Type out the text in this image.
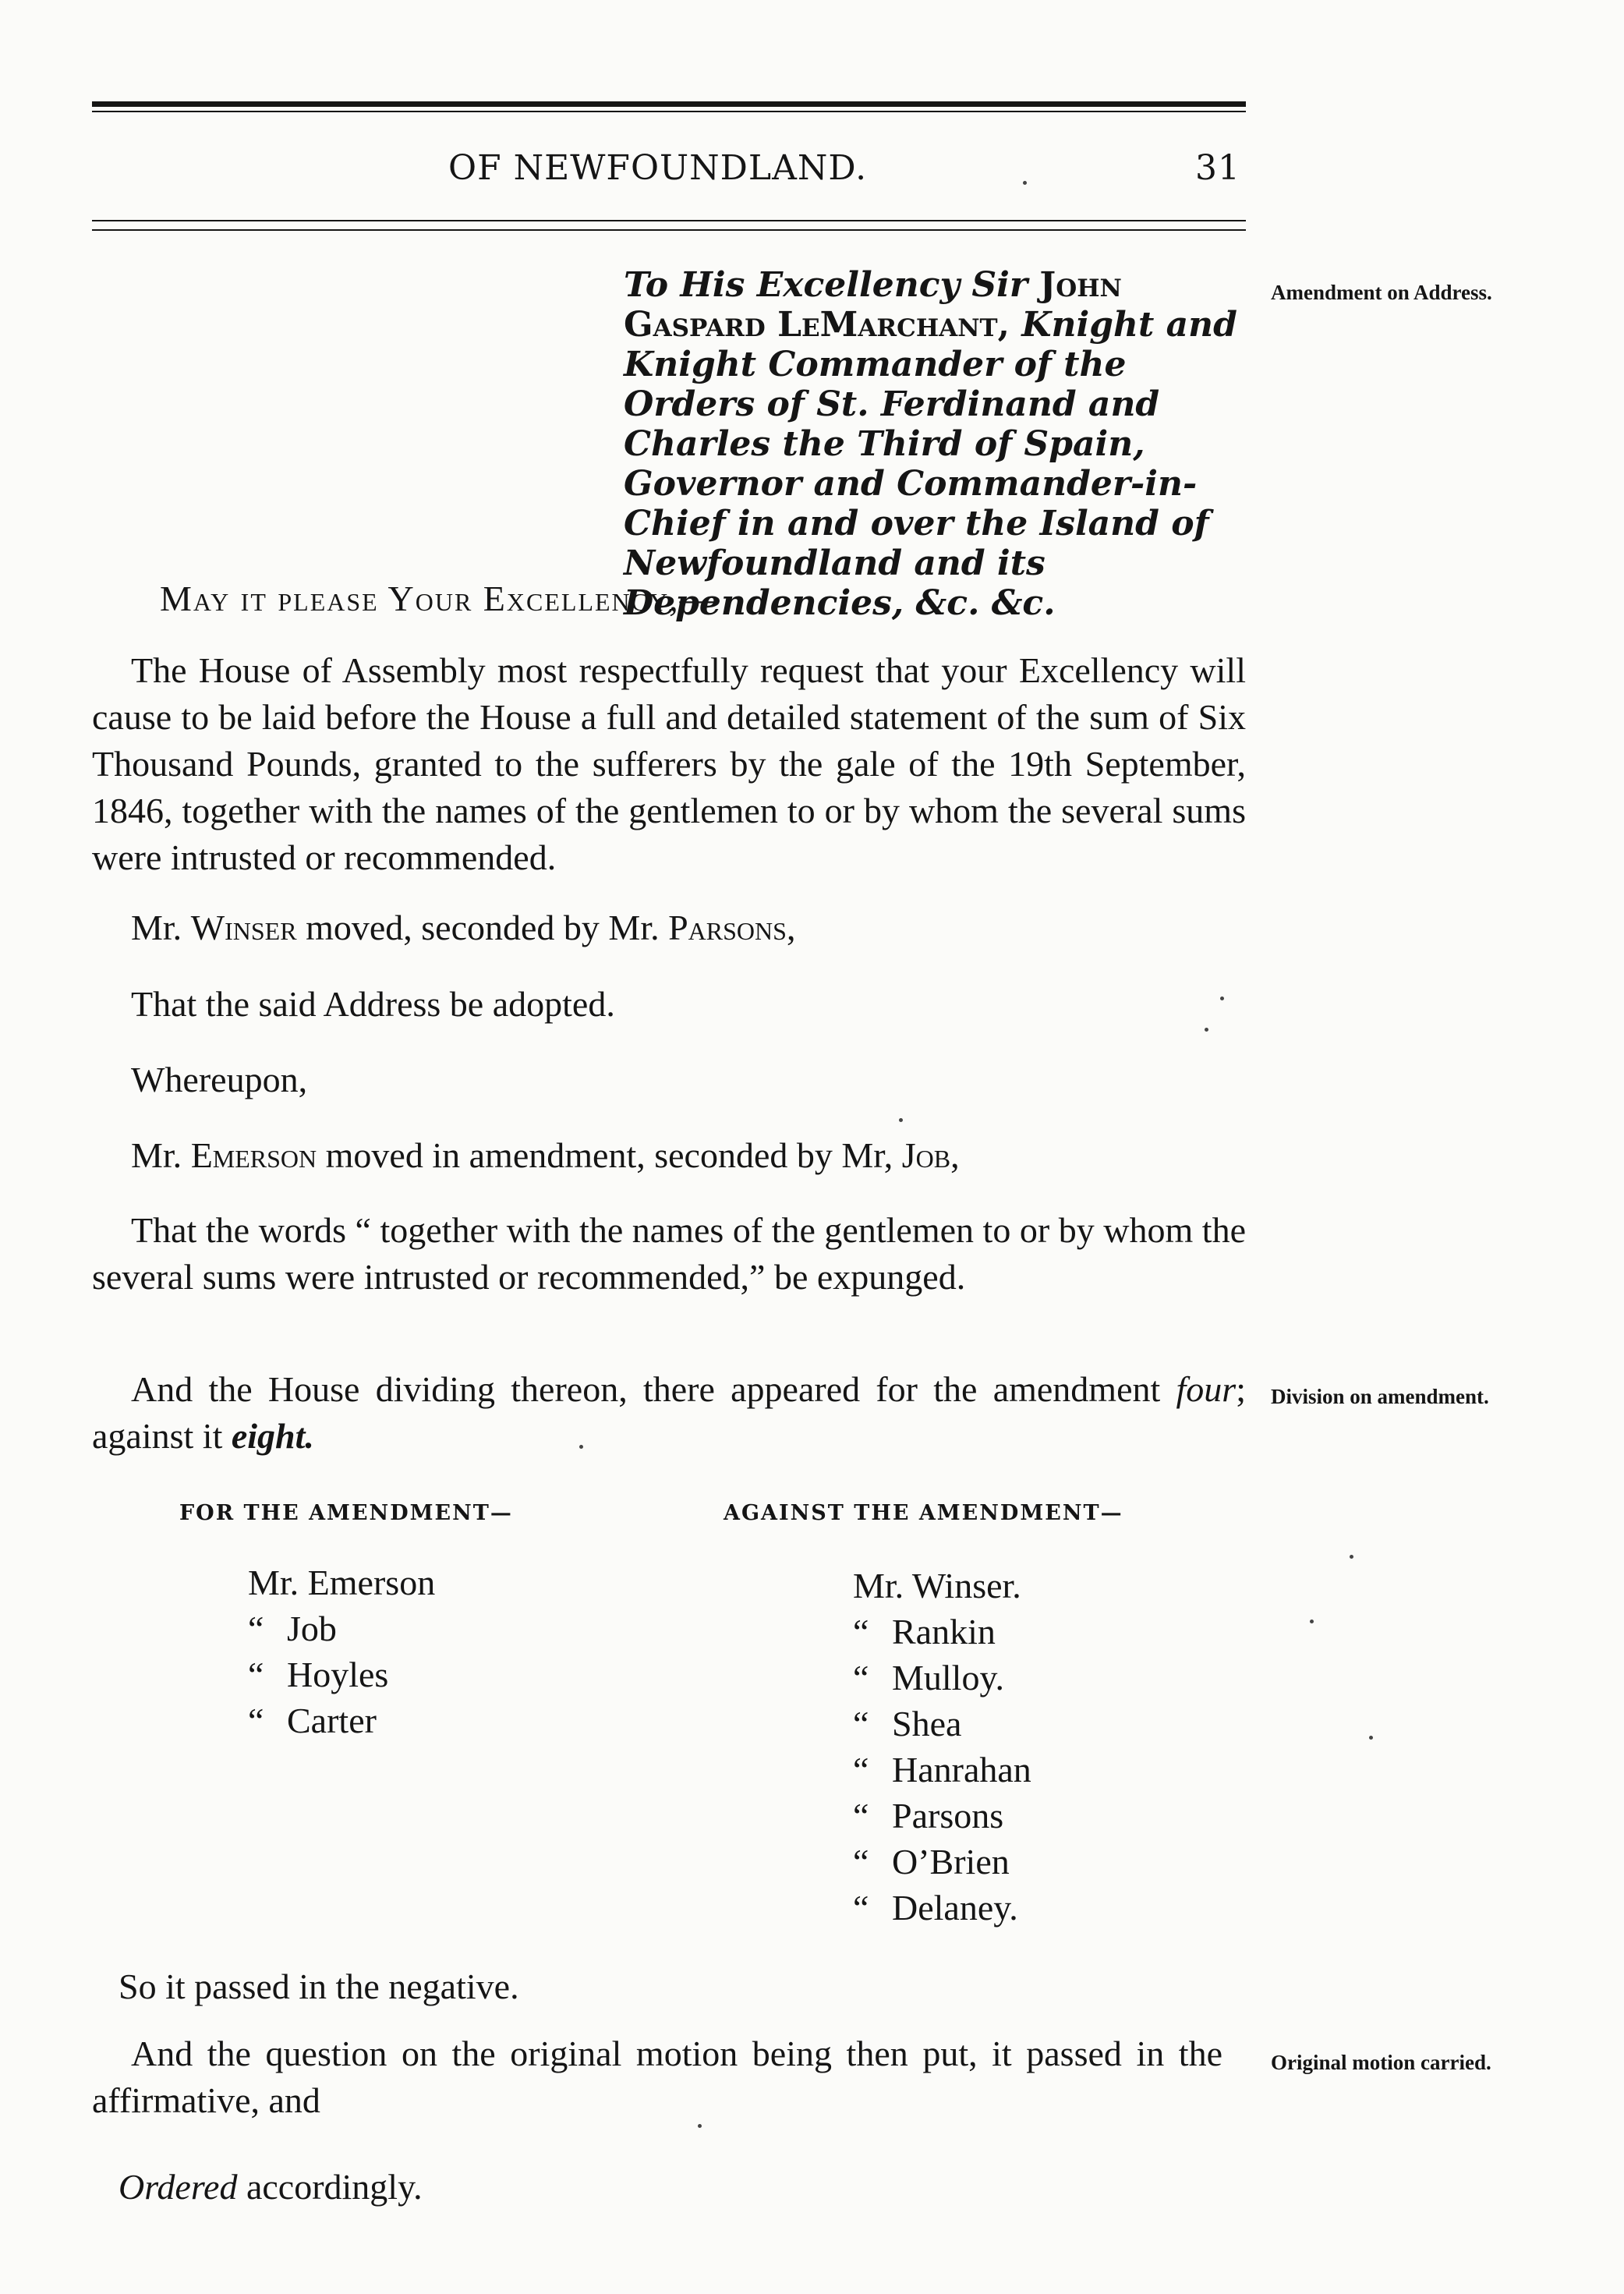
OF NEWFOUNDLAND.	31
To His Excellency Sir John Gaspard LeMarchant, Knight and Knight Commander of the Orders of St. Ferdinand and Charles the Third of Spain, Governor and Commander-in-Chief in and over the Island of Newfoundland and its Dependencies, &c. &c.
Amendment on Address.
May it please Your Excellency,—
The House of Assembly most respectfully request that your Excellency will cause to be laid before the House a full and detailed statement of the sum of Six Thousand Pounds, granted to the sufferers by the gale of the 19th September, 1846, together with the names of the gentlemen to or by whom the several sums were intrusted or recommended.
Mr. Winser moved, seconded by Mr. Parsons,
That the said Address be adopted.
Whereupon,
Mr. Emerson moved in amendment, seconded by Mr, Job,
That the words “ together with the names of the gentlemen to or by whom the several sums were intrusted or recommended,” be expunged.
And the House dividing thereon, there appeared for the amendment four; against it eight.
Division on amendment.
FOR THE AMENDMENT—	AGAINST THE AMENDMENT—
Mr. Emerson
“ Job
“ Hoyles
“ Carter
Mr. Winser.
“ Rankin
“ Mulloy.
“ Shea
“ Hanrahan
“ Parsons
“ O’Brien
“ Delaney.
So it passed in the negative.
And the question on the original motion being then put, it passed in the affirmative, and
Original motion carried.
Ordered accordingly.
